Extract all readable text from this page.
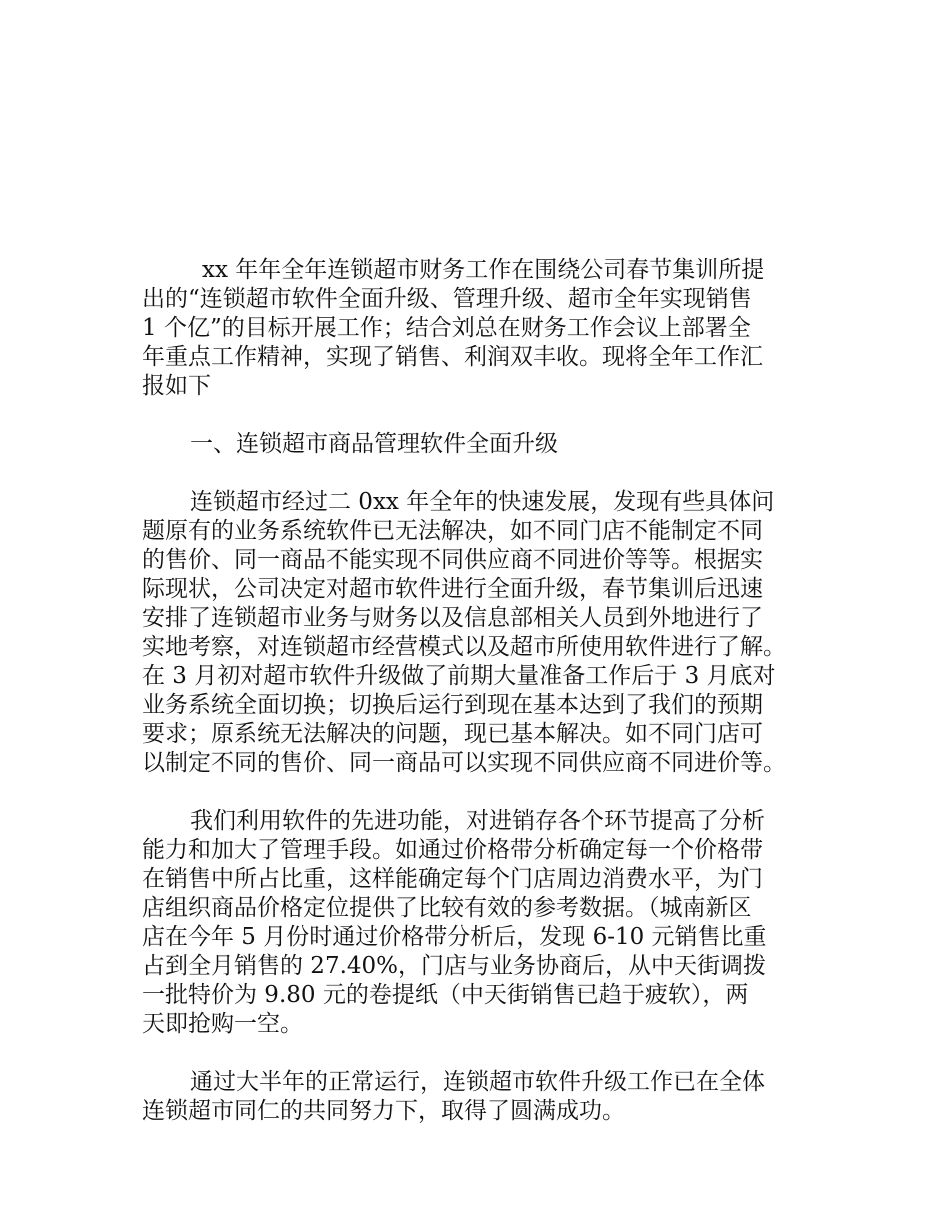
xx 年年全年连锁超市财务工作在围绕公司春节集训所提
出的“连锁超市软件全面升级、管理升级、超市全年实现销售
1 个亿”的目标开展工作；结合刘总在财务工作会议上部署全
年重点工作精神，实现了销售、利润双丰收。现将全年工作汇
报如下
一、连锁超市商品管理软件全面升级
连锁超市经过二 0xx 年全年的快速发展，发现有些具体问
题原有的业务系统软件已无法解决，如不同门店不能制定不同
的售价、同一商品不能实现不同供应商不同进价等等。根据实
际现状，公司决定对超市软件进行全面升级，春节集训后迅速
安排了连锁超市业务与财务以及信息部相关人员到外地进行了
实地考察，对连锁超市经营模式以及超市所使用软件进行了解。
在 3 月初对超市软件升级做了前期大量准备工作后于 3 月底对
业务系统全面切换；切换后运行到现在基本达到了我们的预期
要求；原系统无法解决的问题，现已基本解决。如不同门店可
以制定不同的售价、同一商品可以实现不同供应商不同进价等。
我们利用软件的先进功能，对进销存各个环节提高了分析
能力和加大了管理手段。如通过价格带分析确定每一个价格带
在销售中所占比重，这样能确定每个门店周边消费水平，为门
店组织商品价格定位提供了比较有效的参考数据。（城南新区
店在今年 5 月份时通过价格带分析后，发现 6-10 元销售比重
占到全月销售的 27.40%，门店与业务协商后，从中天街调拨
一批特价为 9.80 元的卷提纸（中天街销售已趋于疲软），两
天即抢购一空。
通过大半年的正常运行，连锁超市软件升级工作已在全体
连锁超市同仁的共同努力下，取得了圆满成功。
